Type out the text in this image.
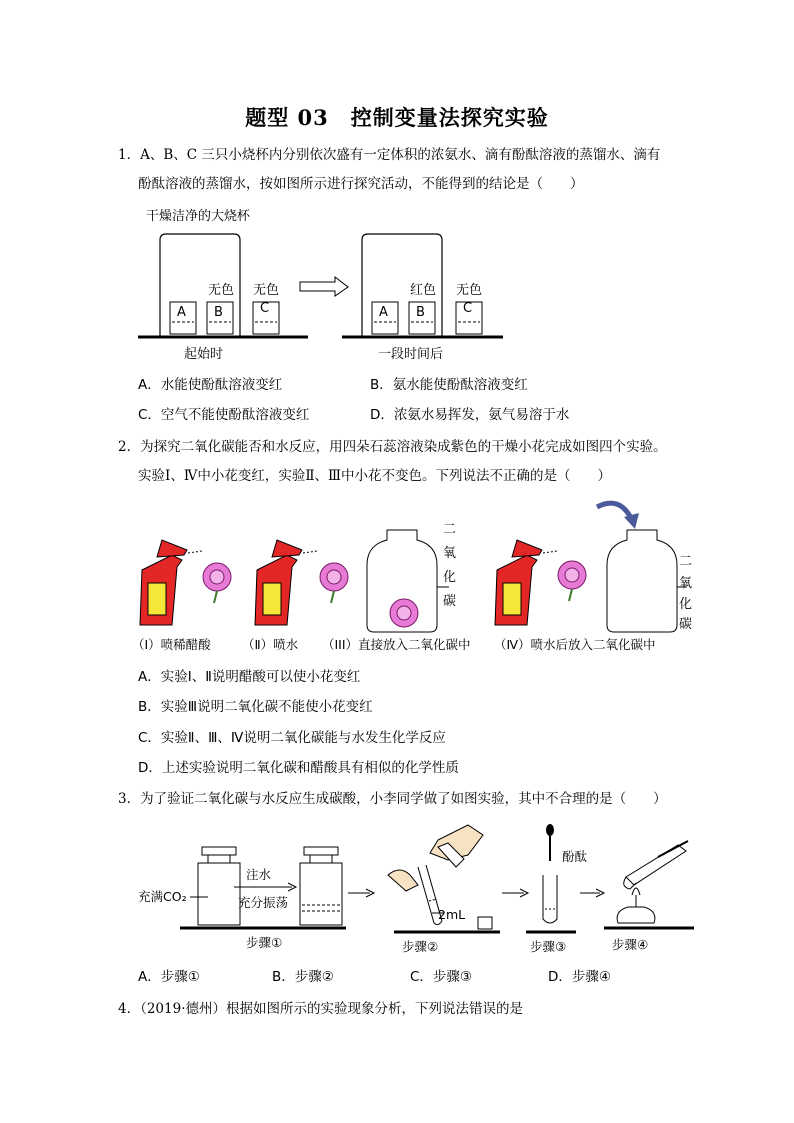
题型 03　控制变量法探究实验
1．A、B、C 三只小烧杯内分别依次盛有一定体积的浓氨水、滴有酚酞溶液的蒸馏水、滴有
酚酞溶液的蒸馏水，按如图所示进行探究活动，不能得到的结论是（　　）
干燥洁净的大烧杯
A B	C
无色 无色
起始时
A B	C
红色 无色
一段时间后
A．水能使酚酞溶液变红	B．氨水能使酚酞溶液变红
C．空气不能使酚酞溶液变红	D．浓氨水易挥发，氨气易溶于水
2．为探究二氧化碳能否和水反应，用四朵石蕊溶液染成紫色的干燥小花完成如图四个实验。
实验Ⅰ、Ⅳ中小花变红，实验Ⅱ、Ⅲ中小花不变色。下列说法不正确的是（　　）
二
氧
化
碳
二
氧
化
碳
（I）喷稀醋酸	（Ⅱ）喷水 （III）直接放入二氧化碳中 （Ⅳ）喷水后放入二氧化碳中
A．实验Ⅰ、Ⅱ说明醋酸可以使小花变红
B．实验Ⅲ说明二氧化碳不能使小花变红
C．实验Ⅱ、Ⅲ、Ⅳ说明二氧化碳能与水发生化学反应
D．上述实验说明二氧化碳和醋酸具有相似的化学性质
3．为了验证二氧化碳与水反应生成碳酸，小李同学做了如图实验，其中不合理的是（　　）
充满CO₂
注水
充分振荡
步骤①
2mL
步骤②
酚酞
步骤③	步骤④
A．步骤①	B．步骤②	C．步骤③	D．步骤④
4．（2019·德州）根据如图所示的实验现象分析，下列说法错误的是
